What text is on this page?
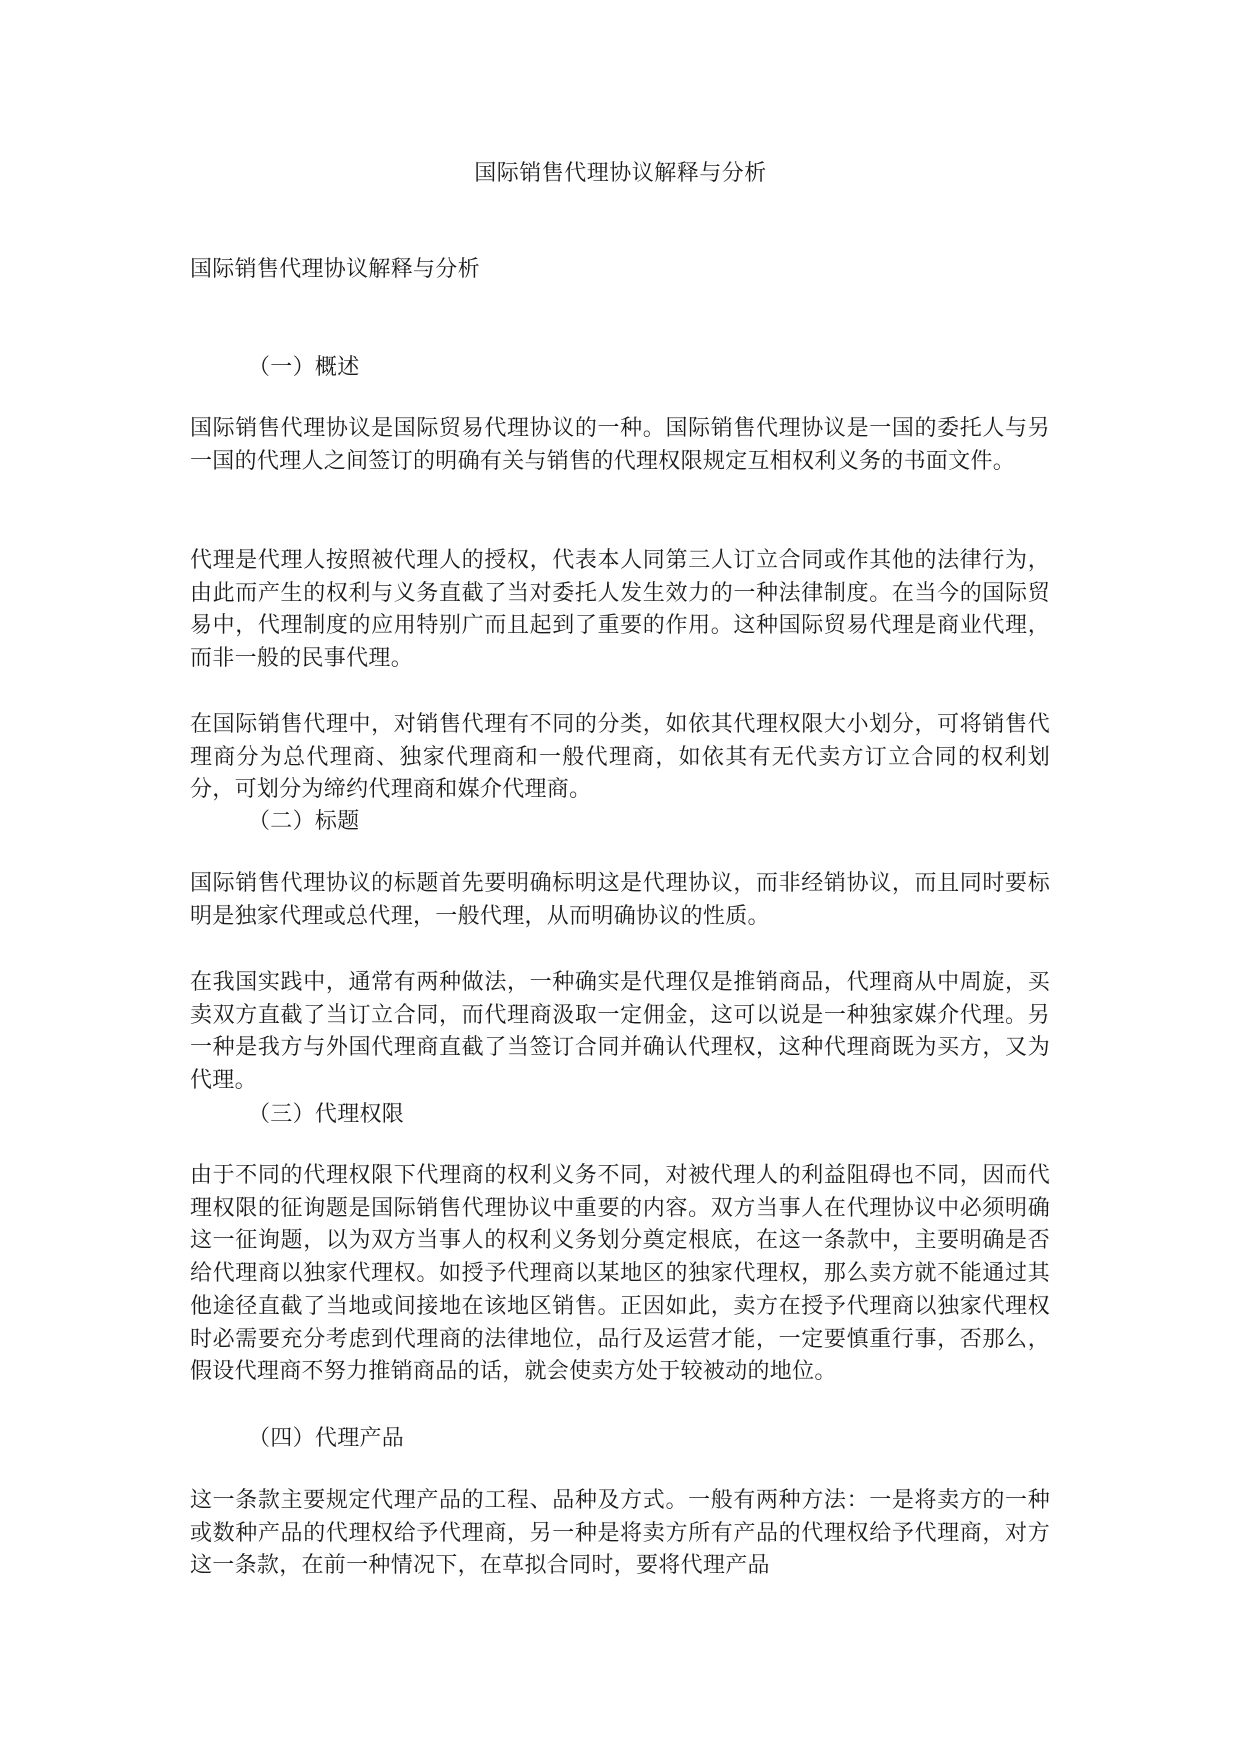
国际销售代理协议解释与分析

国际销售代理协议解释与分析

（一）概述

国际销售代理协议是国际贸易代理协议的一种。国际销售代理协议是一国的委托人与另一国的代理人之间签订的明确有关与销售的代理权限规定互相权利义务的书面文件。

代理是代理人按照被代理人的授权，代表本人同第三人订立合同或作其他的法律行为，由此而产生的权利与义务直截了当对委托人发生效力的一种法律制度。在当今的国际贸易中，代理制度的应用特别广而且起到了重要的作用。这种国际贸易代理是商业代理，而非一般的民事代理。

在国际销售代理中，对销售代理有不同的分类，如依其代理权限大小划分，可将销售代理商分为总代理商、独家代理商和一般代理商，如依其有无代卖方订立合同的权利划分，可划分为缔约代理商和媒介代理商。

（二）标题

国际销售代理协议的标题首先要明确标明这是代理协议，而非经销协议，而且同时要标明是独家代理或总代理，一般代理，从而明确协议的性质。

在我国实践中，通常有两种做法，一种确实是代理仅是推销商品，代理商从中周旋，买卖双方直截了当订立合同，而代理商汲取一定佣金，这可以说是一种独家媒介代理。另一种是我方与外国代理商直截了当签订合同并确认代理权，这种代理商既为买方，又为代理。

（三）代理权限

由于不同的代理权限下代理商的权利义务不同，对被代理人的利益阻碍也不同，因而代理权限的征询题是国际销售代理协议中重要的内容。双方当事人在代理协议中必须明确这一征询题，以为双方当事人的权利义务划分奠定根底，在这一条款中，主要明确是否给代理商以独家代理权。如授予代理商以某地区的独家代理权，那么卖方就不能通过其他途径直截了当地或间接地在该地区销售。正因如此，卖方在授予代理商以独家代理权时必需要充分考虑到代理商的法律地位，品行及运营才能，一定要慎重行事，否那么，假设代理商不努力推销商品的话，就会使卖方处于较被动的地位。

（四）代理产品

这一条款主要规定代理产品的工程、品种及方式。一般有两种方法：一是将卖方的一种或数种产品的代理权给予代理商，另一种是将卖方所有产品的代理权给予代理商，对方这一条款，在前一种情况下，在草拟合同时，要将代理产品
